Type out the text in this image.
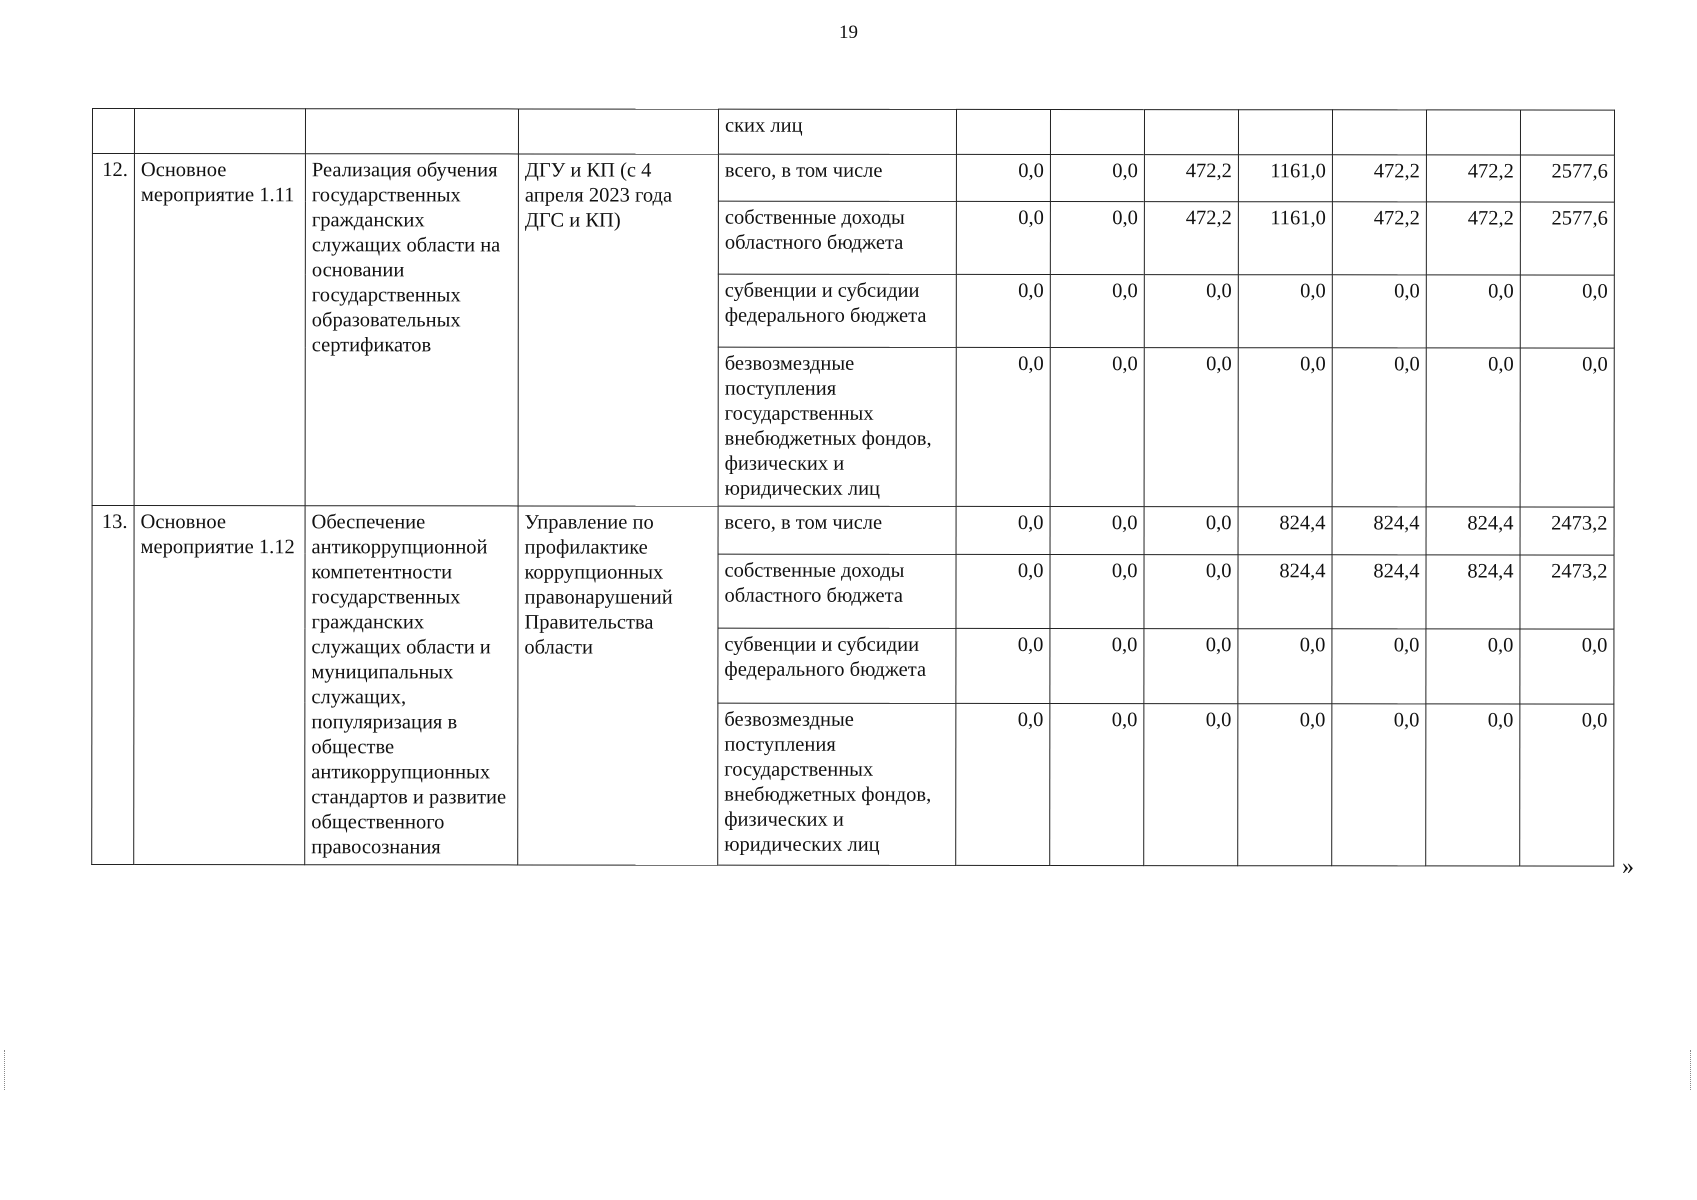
19
				ских лиц							
12.	Основное мероприятие 1.11	Реализация обучения государственных гражданских служащих области на основании государственных образовательных сертификатов	ДГУ и КП (с 4 апреля 2023 года ДГС и КП)	всего, в том числе	0,0	0,0	472,2	1161,0	472,2	472,2	2577,6
				собственные доходы областного бюджета	0,0	0,0	472,2	1161,0	472,2	472,2	2577,6
				субвенции и субсидии федерального бюджета	0,0	0,0	0,0	0,0	0,0	0,0	0,0
				безвозмездные поступления государственных внебюджетных фондов, физических и юридических лиц	0,0	0,0	0,0	0,0	0,0	0,0	0,0
13.	Основное мероприятие 1.12	Обеспечение антикоррупционной компетентности государственных гражданских служащих области и муниципальных служащих, популяризация в обществе антикоррупционных стандартов и развитие общественного правосознания	Управление по профилактике коррупционных правонарушений Правительства области	всего, в том числе	0,0	0,0	0,0	824,4	824,4	824,4	2473,2
				собственные доходы областного бюджета	0,0	0,0	0,0	824,4	824,4	824,4	2473,2
				субвенции и субсидии федерального бюджета	0,0	0,0	0,0	0,0	0,0	0,0	0,0
				безвозмездные поступления государственных внебюджетных фондов, физических и юридических лиц	0,0	0,0	0,0	0,0	0,0	0,0	0,0
»
